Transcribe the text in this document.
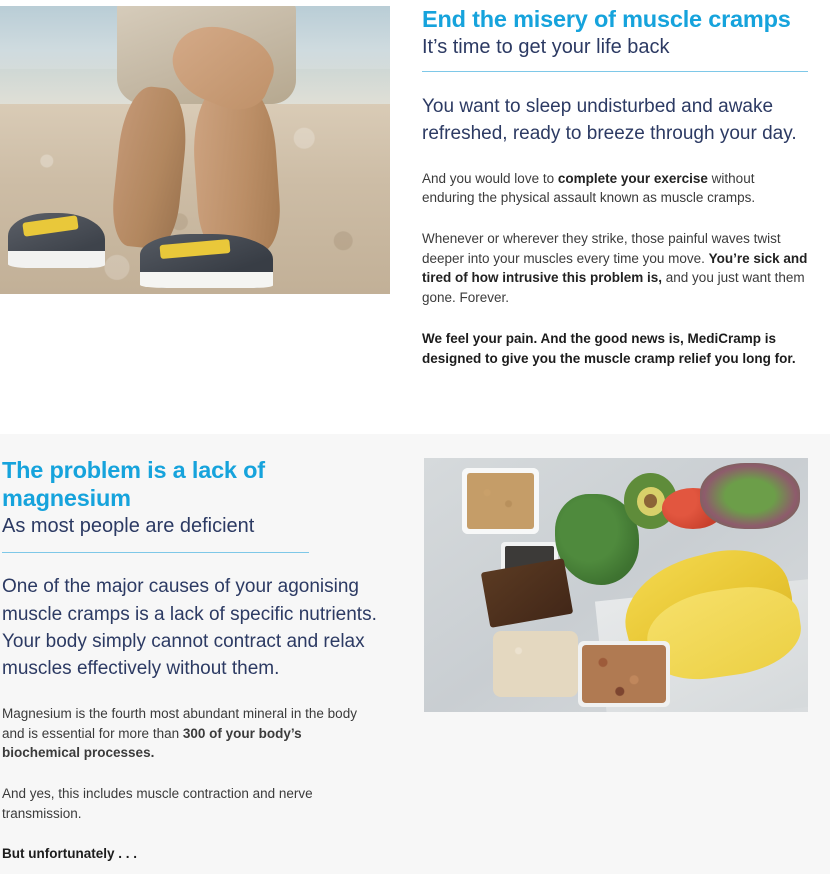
End the misery of muscle cramps
It’s time to get your life back

You want to sleep undisturbed and awake refreshed, ready to breeze through your day.

And you would love to complete your exercise without enduring the physical assault known as muscle cramps.

Whenever or wherever they strike, those painful waves twist deeper into your muscles every time you move. You’re sick and tired of how intrusive this problem is, and you just want them gone. Forever.

We feel your pain. And the good news is, MediCramp is designed to give you the muscle cramp relief you long for.

The problem is a lack of magnesium
As most people are deficient

One of the major causes of your agonising muscle cramps is a lack of specific nutrients. Your body simply cannot contract and relax muscles effectively without them.

Magnesium is the fourth most abundant mineral in the body and is essential for more than 300 of your body’s biochemical processes.

And yes, this includes muscle contraction and nerve transmission.

But unfortunately . . .
